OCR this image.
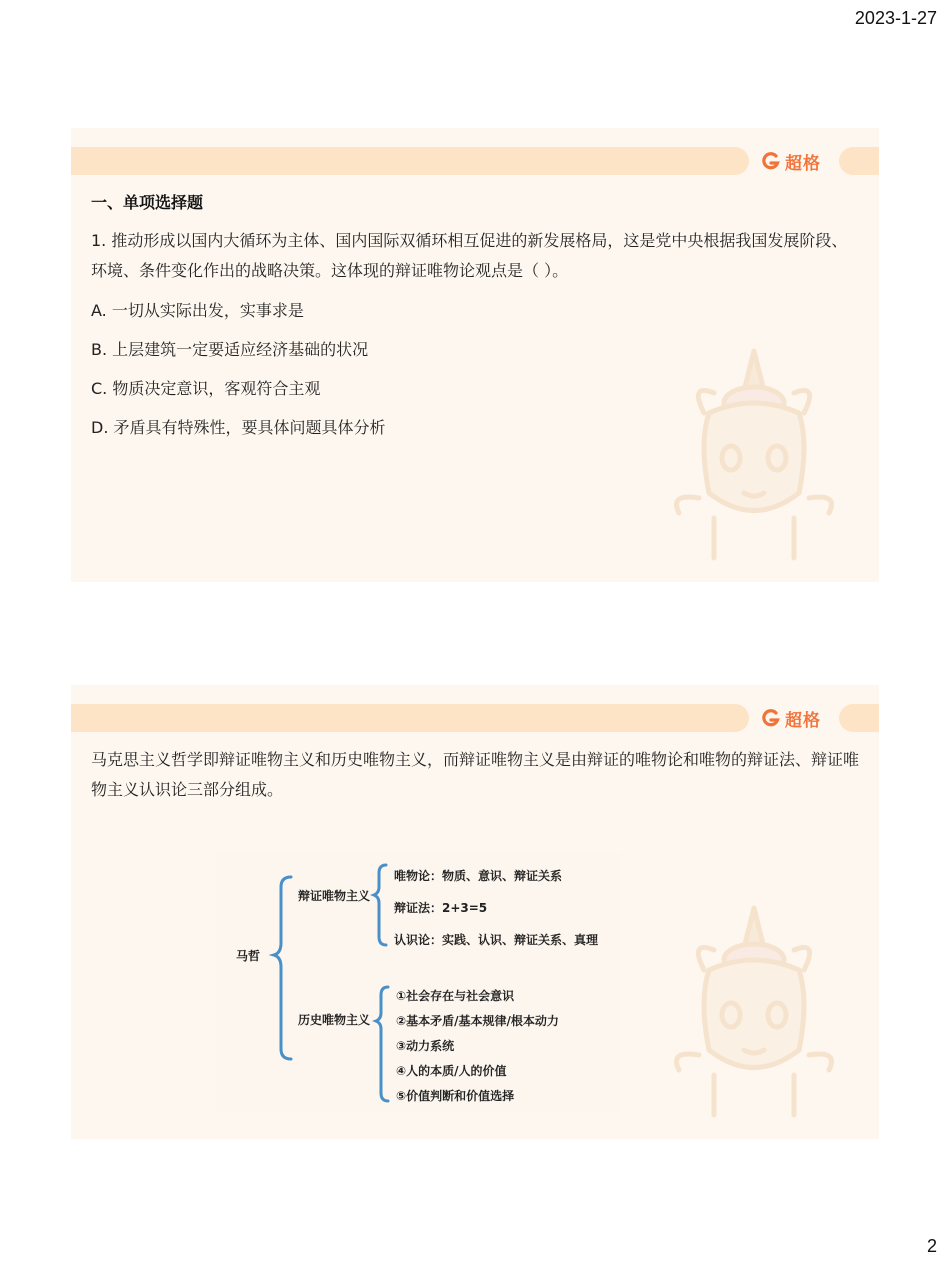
2023-1-27
超格
一、单项选择题
1. 推动形成以国内大循环为主体、国内国际双循环相互促进的新发展格局，这是党中央根据我国发展阶段、环境、条件变化作出的战略决策。这体现的辩证唯物论观点是（ ）。
A. 一切从实际出发，实事求是
B. 上层建筑一定要适应经济基础的状况
C. 物质决定意识，客观符合主观
D. 矛盾具有特殊性，要具体问题具体分析
超格
马克思主义哲学即辩证唯物主义和历史唯物主义，而辩证唯物主义是由辩证的唯物论和唯物的辩证法、辩证唯物主义认识论三部分组成。
马哲
辩证唯物主义
唯物论：物质、意识、辩证关系
辩证法：2+3=5
认识论：实践、认识、辩证关系、真理
历史唯物主义
①社会存在与社会意识
②基本矛盾/基本规律/根本动力
③动力系统
④人的本质/人的价值
⑤价值判断和价值选择
2
